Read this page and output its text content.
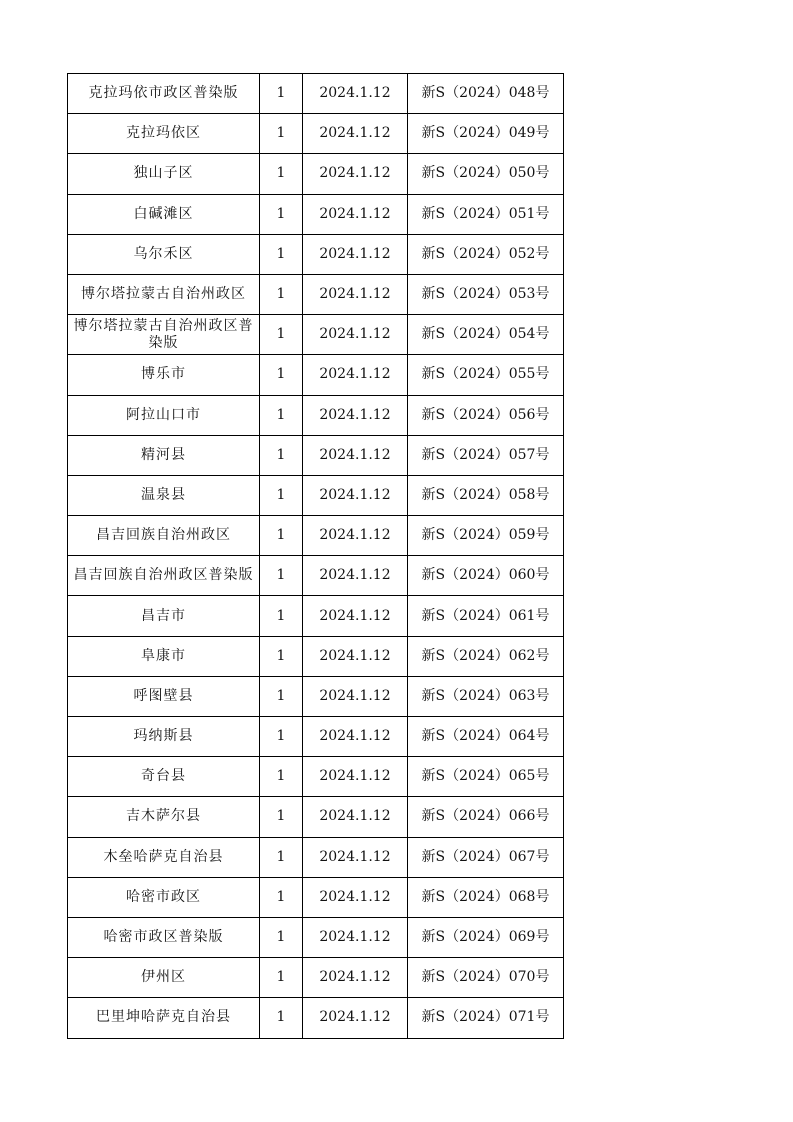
克拉玛依市政区普染版	1	2024.1.12	新S（2024）048号
克拉玛依区	1	2024.1.12	新S（2024）049号
独山子区	1	2024.1.12	新S（2024）050号
白碱滩区	1	2024.1.12	新S（2024）051号
乌尔禾区	1	2024.1.12	新S（2024）052号
博尔塔拉蒙古自治州政区	1	2024.1.12	新S（2024）053号
博尔塔拉蒙古自治州政区普染版	1	2024.1.12	新S（2024）054号
博乐市	1	2024.1.12	新S（2024）055号
阿拉山口市	1	2024.1.12	新S（2024）056号
精河县	1	2024.1.12	新S（2024）057号
温泉县	1	2024.1.12	新S（2024）058号
昌吉回族自治州政区	1	2024.1.12	新S（2024）059号
昌吉回族自治州政区普染版	1	2024.1.12	新S（2024）060号
昌吉市	1	2024.1.12	新S（2024）061号
阜康市	1	2024.1.12	新S（2024）062号
呼图壁县	1	2024.1.12	新S（2024）063号
玛纳斯县	1	2024.1.12	新S（2024）064号
奇台县	1	2024.1.12	新S（2024）065号
吉木萨尔县	1	2024.1.12	新S（2024）066号
木垒哈萨克自治县	1	2024.1.12	新S（2024）067号
哈密市政区	1	2024.1.12	新S（2024）068号
哈密市政区普染版	1	2024.1.12	新S（2024）069号
伊州区	1	2024.1.12	新S（2024）070号
巴里坤哈萨克自治县	1	2024.1.12	新S（2024）071号
